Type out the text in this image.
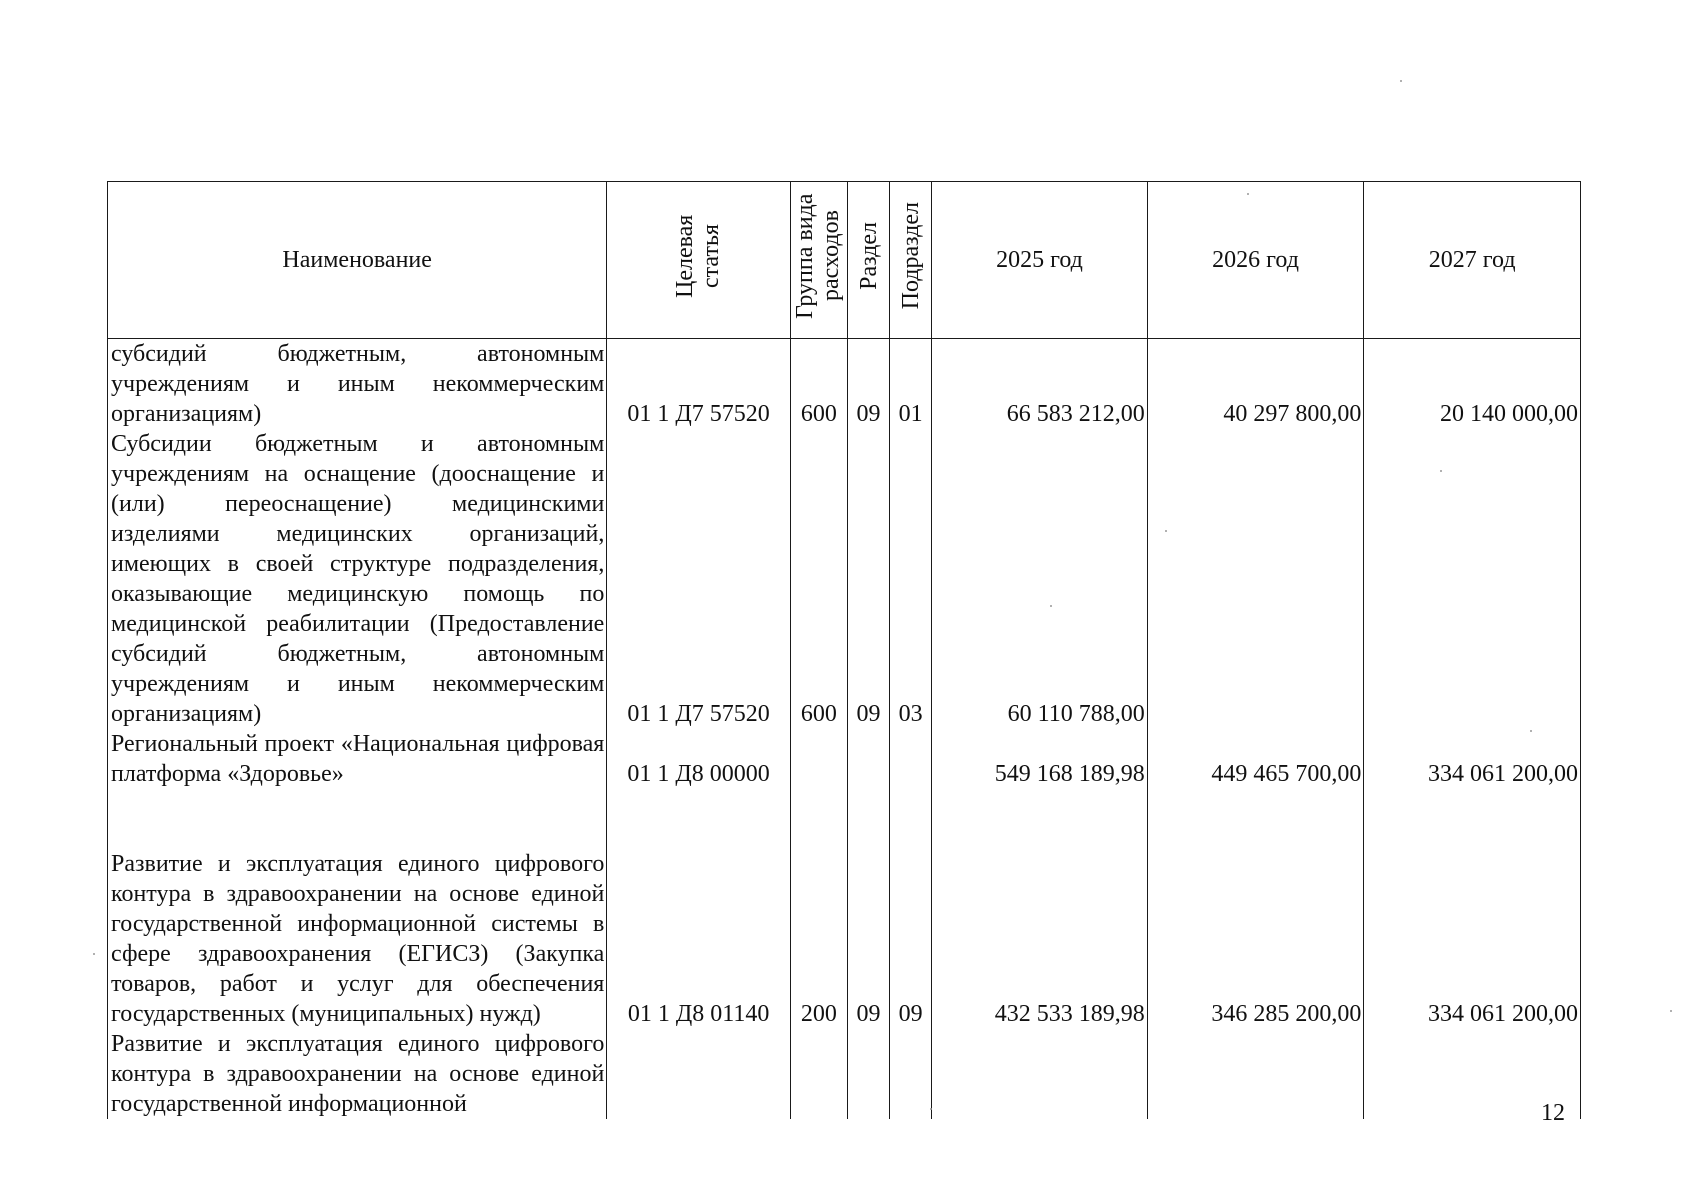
Наименование	Целевая статья	Группа вида расходов	Раздел	Подраздел	2025 год	2026 год	2027 год
субсидий бюджетным, автономным учреждениям и иным некоммерческим организациям)	01 1 Д7 57520	600	09	01	66 583 212,00	40 297 800,00	20 140 000,00
Субсидии бюджетным и автономным учреждениям на оснащение (дооснащение и (или) переоснащение) медицинскими изделиями медицинских организаций, имеющих в своей структуре подразделения, оказывающие медицинскую помощь по медицинской реабилитации (Предоставление субсидий бюджетным, автономным учреждениям и иным некоммерческим организациям)	01 1 Д7 57520	600	09	03	60 110 788,00		
Региональный проект «Национальная цифровая платформа «Здоровье»	01 1 Д8 00000				549 168 189,98	449 465 700,00	334 061 200,00
Развитие и эксплуатация единого цифрового контура в здравоохранении на основе единой государственной информационной системы в сфере здравоохранения (ЕГИСЗ) (Закупка товаров, работ и услуг для обеспечения государственных (муниципальных) нужд)	01 1 Д8 01140	200	09	09	432 533 189,98	346 285 200,00	334 061 200,00
Развитие и эксплуатация единого цифрового контура в здравоохранении на основе единой государственной информационной								12
